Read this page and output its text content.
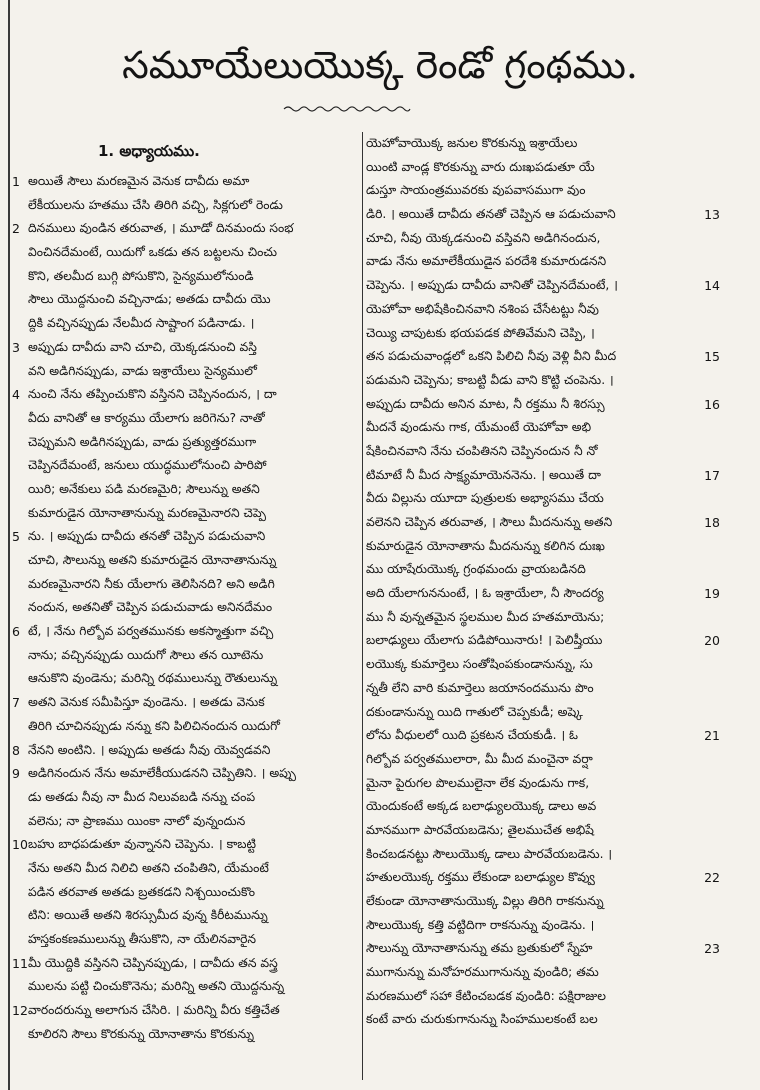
సమూయేలుయొక్క రెండో గ్రంథము.
1. అధ్యాయము.
1 అయితే సౌలు మరణమైన వెనుక దావీదు అమా
లేకీయులను హతము చేసి తిరిగి వచ్చి, సిక్లగులో రెండు
2 దినములు వుండిన తరువాత, । మూడో దినమందు సంభ
వించినదేమంటే, యిదుగో ఒకడు తన బట్టలను చించు
కొని, తలమీద బుగ్గి పోసుకొని, సైన్యములోనుండి
సౌలు యొద్దనుంచి వచ్చినాడు; అతడు దావీదు యొ
ద్దికి వచ్చినప్పుడు నేలమీద సాష్టాంగ పడినాడు. ।
3 అప్పుడు దావీదు వాని చూచి, యెక్కడనుంచి వస్తి
వని అడిగినప్పుడు, వాడు ఇశ్రాయేలు సైన్యములో
4 నుంచి నేను తప్పించుకొని వస్తినని చెప్పినందున, । దా
వీదు వానితో ఆ కార్యము యేలాగు జరిగెను? నాతో
చెప్పుమని అడిగినప్పుడు, వాడు ప్రత్యుత్తరముగా
చెప్పినదేమంటే, జనులు యుద్ధములోనుంచి పారిపో
యిరి; అనేకులు పడి మరణమైరి; సౌలున్ను అతని
కుమారుడైన యోనాతానున్ను మరణమైనారని చెప్పె
5 ను. । అప్పుడు దావీదు తనతో చెప్పిన పడుచువాని
చూచి, సౌలున్ను అతని కుమారుడైన యోనాతానున్ను
మరణమైనారని నీకు యేలాగు తెలిసినది? అని అడిగి
నందున, అతనితో చెప్పిన పడుచువాడు అనినదేమం
6 టే, । నేను గిల్బోవ పర్వతమునకు అకస్మాత్తుగా వచ్చి
నాను; వచ్చినప్పుడు యిదుగో సౌలు తన యీటెను
ఆనుకొని వుండెను; మరిన్ని రథములున్ను రౌతులున్ను
7 అతని వెనుక సమీపిస్తూ వుండెను. । అతడు వెనుక
తిరిగి చూచినప్పుడు నన్ను కని పిలిచినందున యిదుగో
8 నేనని అంటిని. । అప్పుడు అతడు నీవు యెవ్వడవని
9 అడిగినందున నేను అమాలేకీయుడనని చెప్పితిని. । అప్పు
డు అతడు నీవు నా మీద నిలువబడి నన్ను చంప
వలెను; నా ప్రాణము యింకా నాలో వున్నందున
10 బహు బాధపడుతూ వున్నానని చెప్పెను. । కాబట్టి
నేను అతని మీద నిలిచి అతని చంపితిని, యేమంటే
పడిన తరవాత అతడు బ్రతకడని నిశ్చయించుకొం
టిని: అయితే అతని శిరస్సుమీద వున్న కిరీటమున్ను
హస్తకంకణములున్ను తీసుకొని, నా యేలినవారైన
11 మీ యొద్దికి వస్తినని చెప్పినప్పుడు, । దావీదు తన వస్త్ర
ములను పట్టి చించుకొనెను; మరిన్ని అతని యొద్దనున్న
12 వారందరున్ను అలాగున చేసిరి. । మరిన్ని వీరు కత్తిచేత
కూలిరని సౌలు కొరకున్ను యోనాతాను కొరకున్ను
యెహోవాయొక్క జనుల కొరకున్ను ఇశ్రాయేలు
యింటి వాండ్ల కొరకున్ను వారు దుఃఖపడుతూ యే
డుస్తూ సాయంత్రమువరకు వుపవాసముగా వుం
13
డిరి. । అయితే దావీదు తనతో చెప్పిన ఆ పడుచువాని
చూచి, నీవు యెక్కడనుంచి వస్తివని అడిగినందున,
వాడు నేను అమాలేకీయుడైన పరదేశి కుమారుడనని
14
చెప్పెను. । అప్పుడు దావీదు వానితో చెప్పినదేమంటే, ।
యెహోవా అభిషేకించినవాని నశింప చేసేటట్టు నీవు
చెయ్యి చాపుటకు భయపడక పోతివేమని చెప్పి, ।
15
తన పడుచువాండ్లలో ఒకని పిలిచి నీవు వెళ్లి వీని మీద
పడుమని చెప్పెను; కాబట్టి వీడు వాని కొట్టి చంపెను. ।
16
అప్పుడు దావీదు అనిన మాట, నీ రక్తము నీ శిరస్సు
మీదనే వుండును గాక, యేమంటే యెహోవా అభి
షేకించినవాని నేను చంపితినని చెప్పినందున నీ నో
17
టిమాటే నీ మీద సాక్ష్యమాయెననెను. । అయితే దా
వీదు విల్లును యూదా పుత్రులకు అభ్యాసము చేయ
18
వలెనని చెప్పిన తరువాత, । సౌలు మీదనున్ను అతని
కుమారుడైన యోనాతాను మీదనున్ను కలిగిన దుఃఖ
ము యాషేరుయొక్క గ్రంథమందు వ్రాయబడినది
19
అది యేలాగుననుంటే, । ఓ ఇశ్రాయేలా, నీ సౌందర్య
ము నీ వున్నతమైన స్థలముల మీద హతమాయెను;
20
బలాఢ్యులు యేలాగు పడిపోయినారు! । పెలిష్తీయు
లయొక్క కుమార్తెలు సంతోషింపకుండానున్ను, సు
న్నతీ లేని వారి కుమార్తెలు జయానందమును పొం
దకుండానున్ను యిది గాతులో చెప్పకుడీ; అష్కె
21
లోను వీధులలో యిది ప్రకటన చేయకుడీ. । ఓ
గిల్బోవ పర్వతములారా, మీ మీద మంచైనా వర్షా
మైనా పైరుగల పొలములైనా లేక వుండును గాక,
యెందుకంటే అక్కడ బలాఢ్యులయొక్క డాలు అవ
మానముగా పారవేయబడెను; తైలముచేత అభిషే
కించబడనట్టు సౌలుయొక్క డాలు పారవేయబడెను. ।
22
హతులయొక్క రక్తము లేకుండా బలాఢ్యుల కొవ్వు
లేకుండా యోనాతానుయొక్క విల్లు తిరిగి రాకనున్ను
సౌలుయొక్క కత్తి వట్టిదిగా రాకనున్ను వుండెను. ।
23
సౌలున్ను యోనాతానున్ను తమ బ్రతుకులో స్నేహ
ముగానున్ను మనోహరముగానున్ను వుండిరి; తమ
మరణములో సహా కేటించబడక వుండిరి: పక్షిరాజుల
కంటే వారు చురుకుగానున్ను సింహములకంటే బల
